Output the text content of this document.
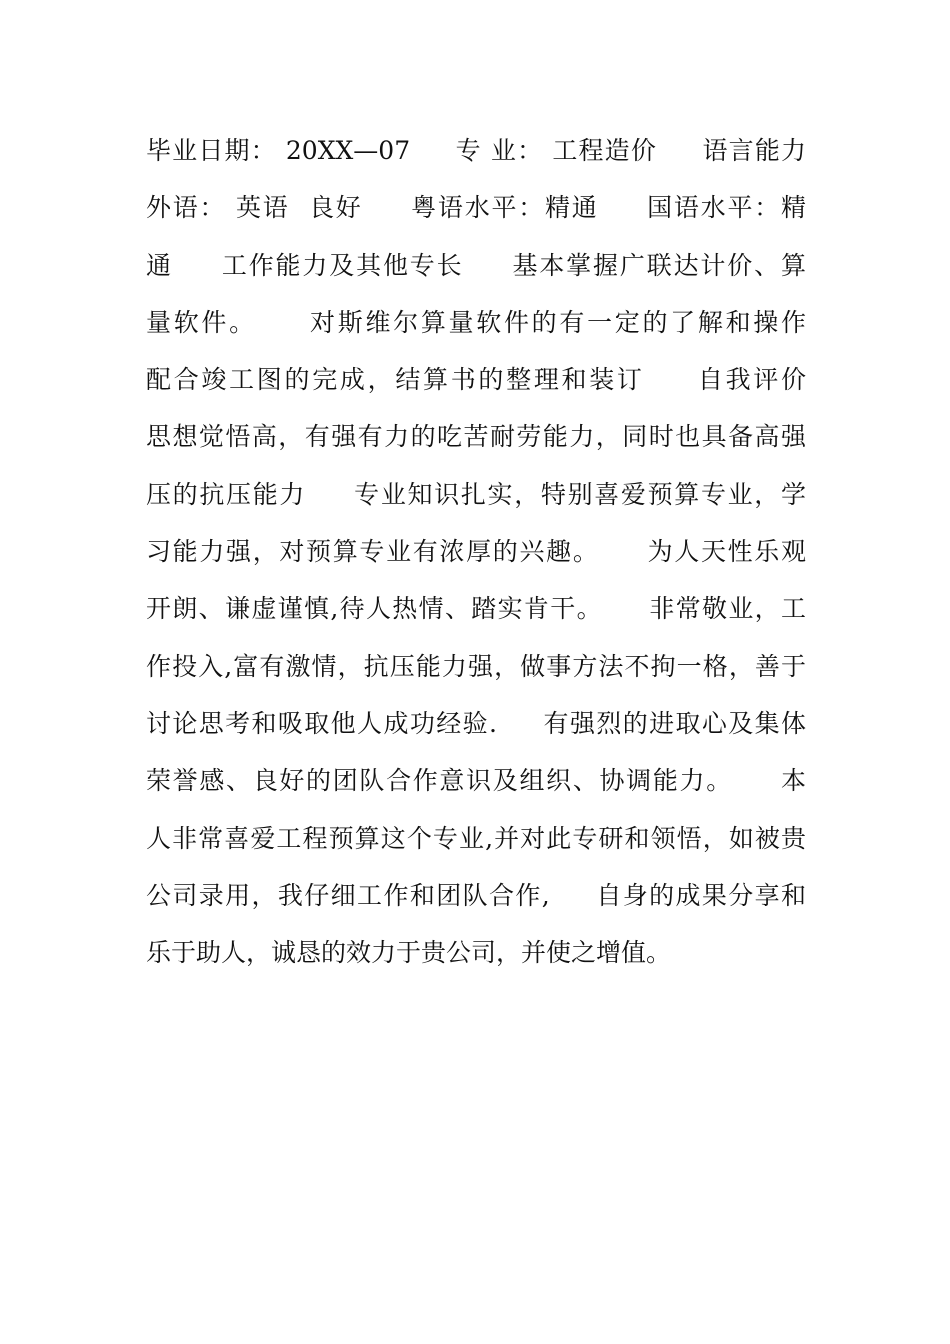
毕业日期： 20XX—07     专 业： 工程造价     语言能力
外语： 英语  良好     粤语水平：精通     国语水平：精
通     工作能力及其他专长     基本掌握广联达计价、算
量软件。     对斯维尔算量软件的有一定的了解和操作
配合竣工图的完成，结算书的整理和装订     自我评价
思想觉悟高，有强有力的吃苦耐劳能力，同时也具备高强
压的抗压能力     专业知识扎实，特别喜爱预算专业，学
习能力强，对预算专业有浓厚的兴趣。     为人天性乐观
开朗、谦虚谨慎,待人热情、踏实肯干。     非常敬业，工
作投入,富有激情，抗压能力强，做事方法不拘一格，善于
讨论思考和吸取他人成功经验.     有强烈的进取心及集体
荣誉感、良好的团队合作意识及组织、协调能力。     本
人非常喜爱工程预算这个专业,并对此专研和领悟，如被贵
公司录用，我仔细工作和团队合作,     自身的成果分享和
乐于助人，诚恳的效力于贵公司，并使之增值。
